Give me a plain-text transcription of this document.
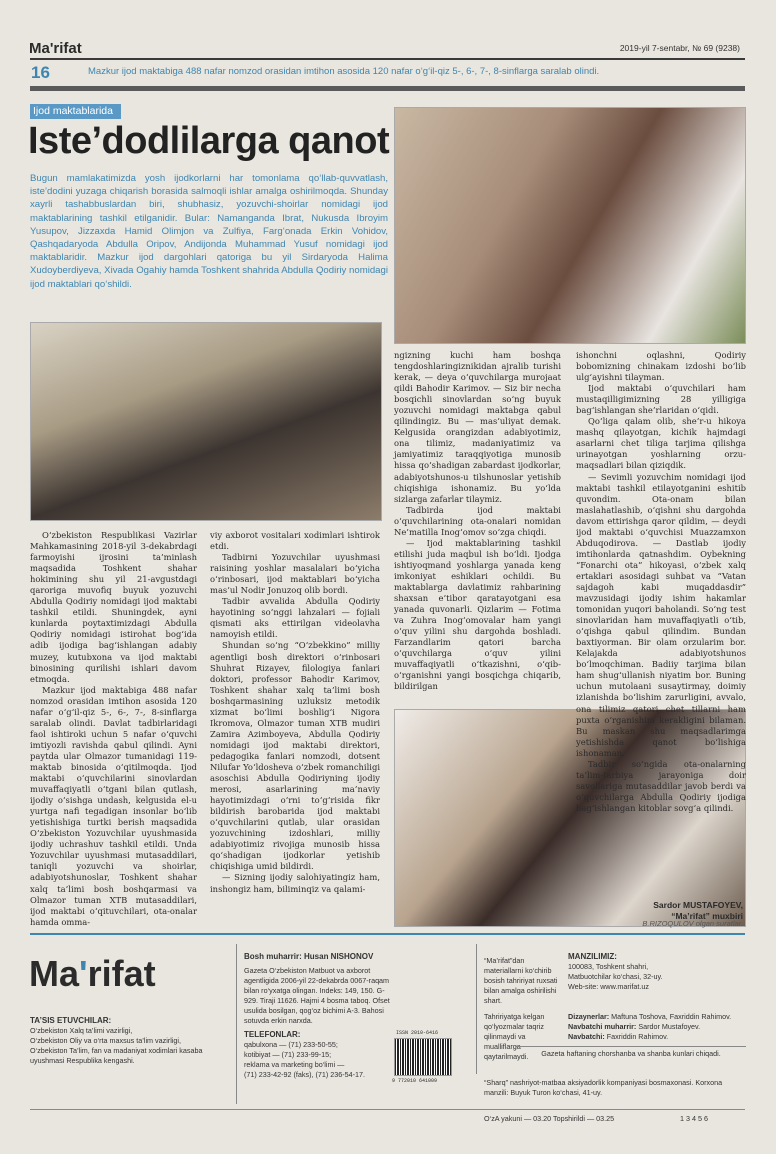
Ma'rifat	2019-yil 7-sentabr, № 69 (9238)
16	Mazkur ijod maktabiga 488 nafar nomzod orasidan imtihon asosida 120 nafar o‘g‘il-qiz 5-, 6-, 7-, 8-sinflarga saralab olindi.
Ijod maktablarida
Iste’dodlilarga qanot
Bugun mamlakatimizda yosh ijodkorlarni har tomonlama qo‘llab-quvvatlash, iste’dodini yuzaga chiqarish borasida salmoqli ishlar amalga oshirilmoqda. Shunday xayrli tashabbuslardan biri, shubhasiz, yozuvchi-shoirlar nomidagi ijod maktablarining tashkil etilganidir. Bular: Namanganda Ibrat, Nukusda Ibroyim Yusupov, Jizzaxda Hamid Olimjon va Zulfiya, Farg‘onada Erkin Vohidov, Qashqadaryoda Abdulla Oripov, Andijonda Muhammad Yusuf nomidagi ijod maktablaridir. Mazkur ijod dargohlari qatoriga bu yil Sirdaryoda Halima Xudoyberdiyeva, Xivada Ogahiy hamda Toshkent shahrida Abdulla Qodiriy nomidagi ijod maktablari qo‘shildi.

O‘zbekiston Respublikasi Vazirlar Mahkamasining 2018-yil 3-dekabrdagi farmoyishi ijrosini ta’minlash maqsadida Toshkent shahar hokimining shu yil 21-avgustdagi qaroriga muvofiq buyuk yozuvchi Abdulla Qodiriy nomidagi ijod maktabi tashkil etildi. Shuningdek, ayni kunlarda poytaxtimizdagi Abdulla Qodiriy nomidagi istirohat bog‘ida adib ijodiga bag‘ishlangan adabiy muzey, kutubxona va ijod maktabi binosining qurilishi ishlari davom etmoqda.

Mazkur ijod maktabiga 488 nafar nomzod orasidan imtihon asosida 120 nafar o‘g‘il-qiz 5-, 6-, 7-, 8-sinflarga saralab olindi. Davlat tadbirlaridagi faol ishtiroki uchun 5 nafar o‘quvchi imtiyozli ravishda qabul qilindi. Ayni paytda ular Olmazor tumanidagi 119-maktab binosida o‘qitilmoqda. Ijod maktabi o‘quvchilarini sinovlardan muvaffaqiyatli o‘tgani bilan qutlash, ijodiy o‘sishga undash, kelgusida el-u yurtga nafi tegadigan insonlar bo‘lib yetishishiga turtki berish maqsadida O‘zbekiston Yozuvchilar uyushmasida ijodiy uchrashuv tashkil etildi. Unda Yozuvchilar uyushmasi mutasaddilari, taniqli yozuvchi va shoirlar, adabiyotshunoslar, Toshkent shahar xalq ta’limi bosh boshqarmasi va Olmazor tuman XTB mutasaddilari, ijod maktabi o‘qituvchilari, ota-onalar hamda omma-

viy axborot vositalari xodimlari ishtirok etdi.

Tadbirni Yozuvchilar uyushmasi raisining yoshlar masalalari bo‘yicha o‘rinbosari, ijod maktablari bo‘yicha mas’ul Nodir Jonuzoq olib bordi.

Tadbir avvalida Abdulla Qodiriy hayotining so‘nggi lahzalari — fojiali qismati aks ettirilgan videolavha namoyish etildi.

Shundan so‘ng “O‘zbekkino” milliy agentligi bosh direktori o‘rinbosari Shuhrat Rizayev, filologiya fanlari doktori, professor Bahodir Karimov, Toshkent shahar xalq ta’limi bosh boshqarmasining uzluksiz metodik xizmat bo‘limi boshlig‘i Nigora Ikromova, Olmazor tuman XTB mudiri Zamira Azimboyeva, Abdulla Qodiriy nomidagi ijod maktabi direktori, pedagogika fanlari nomzodi, dotsent Nilufar Yo‘ldosheva o‘zbek romanchiligi asoschisi Abdulla Qodiriyning ijodiy merosi, asarlarining ma’naviy hayotimizdagi o‘rni to‘g‘risida fikr bildirish barobarida ijod maktabi o‘quvchilarini qutlab, ular orasidan yozuvchining izdoshlari, milliy adabiyotimiz rivojiga munosib hissa qo‘shadigan ijodkorlar yetishib chiqishiga umid bildirdi.

— Sizning ijodiy salohiyatingiz ham, inshongiz ham, biliminqiz va qalami-

ngizning kuchi ham boshqa tengdoshlaringiznikidan ajralib turishi kerak, — deya o‘quvchilarga murojaat qildi Bahodir Karimov. — Siz bir necha bosqichli sinovlardan so‘ng buyuk yozuvchi nomidagi maktabga qabul qilindingiz. Bu — mas’uliyat demak. Kelgusida orangizdan adabiyotimiz, ona tilimiz, madaniyatimiz va jamiyatimiz taraqqiyotiga munosib hissa qo‘shadigan zabardast ijodkorlar, adabiyotshunos-u tilshunoslar yetishib chiqishiga ishonamiz. Bu yo‘lda sizlarga zafarlar tilaymiz.

Tadbirda ijod maktabi o‘quvchilarining ota-onalari nomidan Ne’matilla Inog‘omov so‘zga chiqdi.

— Ijod maktablarining tashkil etilishi juda maqbul ish bo‘ldi. Ijodga ishtiyoqmand yoshlarga yanada keng imkoniyat eshiklari ochildi. Bu maktablarga davlatimiz rahbarining shaxsan e’tibor qaratayotgani esa yanada quvonarli. Qizlarim — Fotima va Zuhra Inog‘omovalar ham yangi o‘quv yilini shu dargohda boshladi. Farzandlarim qatori barcha o‘quvchilarga o‘quv yilini muvaffaqiyatli o‘tkazishni, o‘qib-o‘rganishni yangi bosqichga chiqarib, bildirilgan

ishonchni oqlashni, Qodiriy bobomizning chinakam izdoshi bo‘lib ulg‘ayishni tilayman.

Ijod maktabi o‘quvchilari ham mustaqilligimizning 28 yilligiga bag‘ishlangan she’rlaridan o‘qidi.

Qo‘liga qalam olib, she’r-u hikoya mashq qilayotgan, kichik hajmdagi asarlarni chet tiliga tarjima qilishga urinayotgan yoshlarning orzu-maqsadlari bilan qiziqdik.

— Sevimli yozuvchim nomidagi ijod maktabi tashkil etilayotganini eshitib quvondim. Ota-onam bilan maslahatlashib, o‘qishni shu dargohda davom ettirishga qaror qildim, — deydi ijod maktabi o‘quvchisi Muazzamxon Abduqodirova. — Dastlab ijodiy imtihonlarda qatnashdim. Oybekning “Fonarchi ota” hikoyasi, o‘zbek xalq ertaklari asosidagi suhbat va “Vatan sajdagoh kabi muqaddasdir” mavzusidagi ijodiy ishim hakamlar tomonidan yuqori baholandi. So‘ng test sinovlaridan ham muvaffaqiyatli o‘tib, o‘qishga qabul qilindim. Bundan baxtiyorman. Bir olam orzularim bor. Kelajakda adabiyotshunos bo‘lmoqchiman. Badiiy tarjima bilan ham shug‘ullanish niyatim bor. Buning uchun mutolaani susaytirmay, doimiy izlanishda bo‘lishim zarurligini, avvalo, ona tilimiz qatori chet tillarni ham puxta o‘rganishim kerakligini bilaman. Bu maskan shu maqsadlarimga yetishishda qanot bo‘lishiga ishonaman.

Tadbir so‘ngida ota-onalarning ta’lim-tarbiya jarayoniga doir savollariga mutasaddilar javob berdi va o‘quvchilarga Abdulla Qodiriy ijodiga bag‘ishlangan kitoblar sovg‘a qilindi.

Sardor MUSTAFOYEV,
“Ma’rifat” muxbiri
B.RIZOQULOV olgan suratlar.
Ma'rifat
TA’SIS ETUVCHILAR:
O‘zbekiston Xalq ta’limi vazirligi,
O‘zbekiston Oliy va o‘rta maxsus ta’lim vazirligi,
O‘zbekiston Ta’lim, fan va madaniyat xodimlari kasaba uyushmasi Respublika kengashi.
Bosh muharrir: Husan NISHONOV
Gazeta O‘zbekiston Matbuot va axborot agentligida 2006-yil 22-dekabrda 0067-raqam bilan ro‘yxatga olingan. Indeks: 149, 150. G-929. Tiraji 11626. Hajmi 4 bosma taboq. Ofset usulida bosilgan, qog‘oz bichimi A-3. Bahosi sotuvda erkin narxda.
TELEFONLAR:
qabulxona — (71) 233-50-55;
kotibiyat — (71) 233-99-15;
reklama va marketing bo‘limi —
(71) 233-42-92 (faks), (71) 236-54-17.
ISSN 2010-6416
9 772010 641009
“Ma’rifat”dan materiallarni ko‘chirib bosish tahririyat ruxsati bilan amalga oshirilishi shart.
Tahririyatga kelgan qo‘lyozmalar taqriz qilinmaydi va mualliflarga qaytarilmaydi.
MANZILIMIZ:
100083, Toshkent shahri,
Matbuotchilar ko‘chasi, 32-uy.
Web-site: www.marifat.uz
Dizaynerlar: Maftuna Toshova, Faxriddin Rahimov.
Navbatchi muharrir: Sardor Mustafoyev.
Navbatchi: Faxriddin Rahimov.
Gazeta haftaning chorshanba va shanba kunlari chiqadi.
“Sharq” nashriyot-matbaa aksiyadorlik kompaniyasi bosmaxonasi. Korxona manzili: Buyuk Turon ko‘chasi, 41-uy.
O‘zA yakuni — 03.20 Topshirildi — 03.25	1 3 4 5 6
